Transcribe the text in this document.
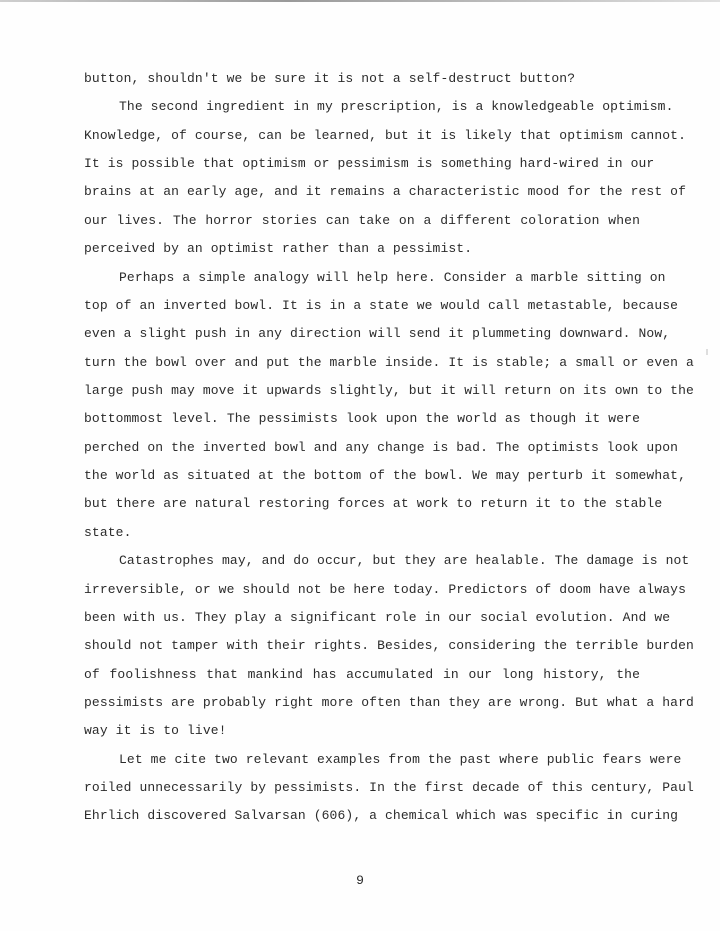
button, shouldn't we be sure it is not a self-destruct button?
The second ingredient in my prescription, is a knowledgeable optimism.
Knowledge, of course, can be learned, but it is likely that optimism cannot.
It is possible that optimism or pessimism is something hard-wired in our
brains at an early age, and it remains a characteristic mood for the rest of
our lives. The horror stories can take on a different coloration when
perceived by an optimist rather than a pessimist.
Perhaps a simple analogy will help here. Consider a marble sitting on
top of an inverted bowl. It is in a state we would call metastable, because
even a slight push in any direction will send it plummeting downward. Now,
turn the bowl over and put the marble inside. It is stable; a small or even a
large push may move it upwards slightly, but it will return on its own to the
bottommost level. The pessimists look upon the world as though it were
perched on the inverted bowl and any change is bad. The optimists look upon
the world as situated at the bottom of the bowl. We may perturb it somewhat,
but there are natural restoring forces at work to return it to the stable
state.
Catastrophes may, and do occur, but they are healable. The damage is not
irreversible, or we should not be here today. Predictors of doom have always
been with us. They play a significant role in our social evolution. And we
should not tamper with their rights. Besides, considering the terrible burden
of foolishness that mankind has accumulated in our long history, the
pessimists are probably right more often than they are wrong. But what a hard
way it is to live!
Let me cite two relevant examples from the past where public fears were
roiled unnecessarily by pessimists. In the first decade of this century, Paul
Ehrlich discovered Salvarsan (606), a chemical which was specific in curing
9
